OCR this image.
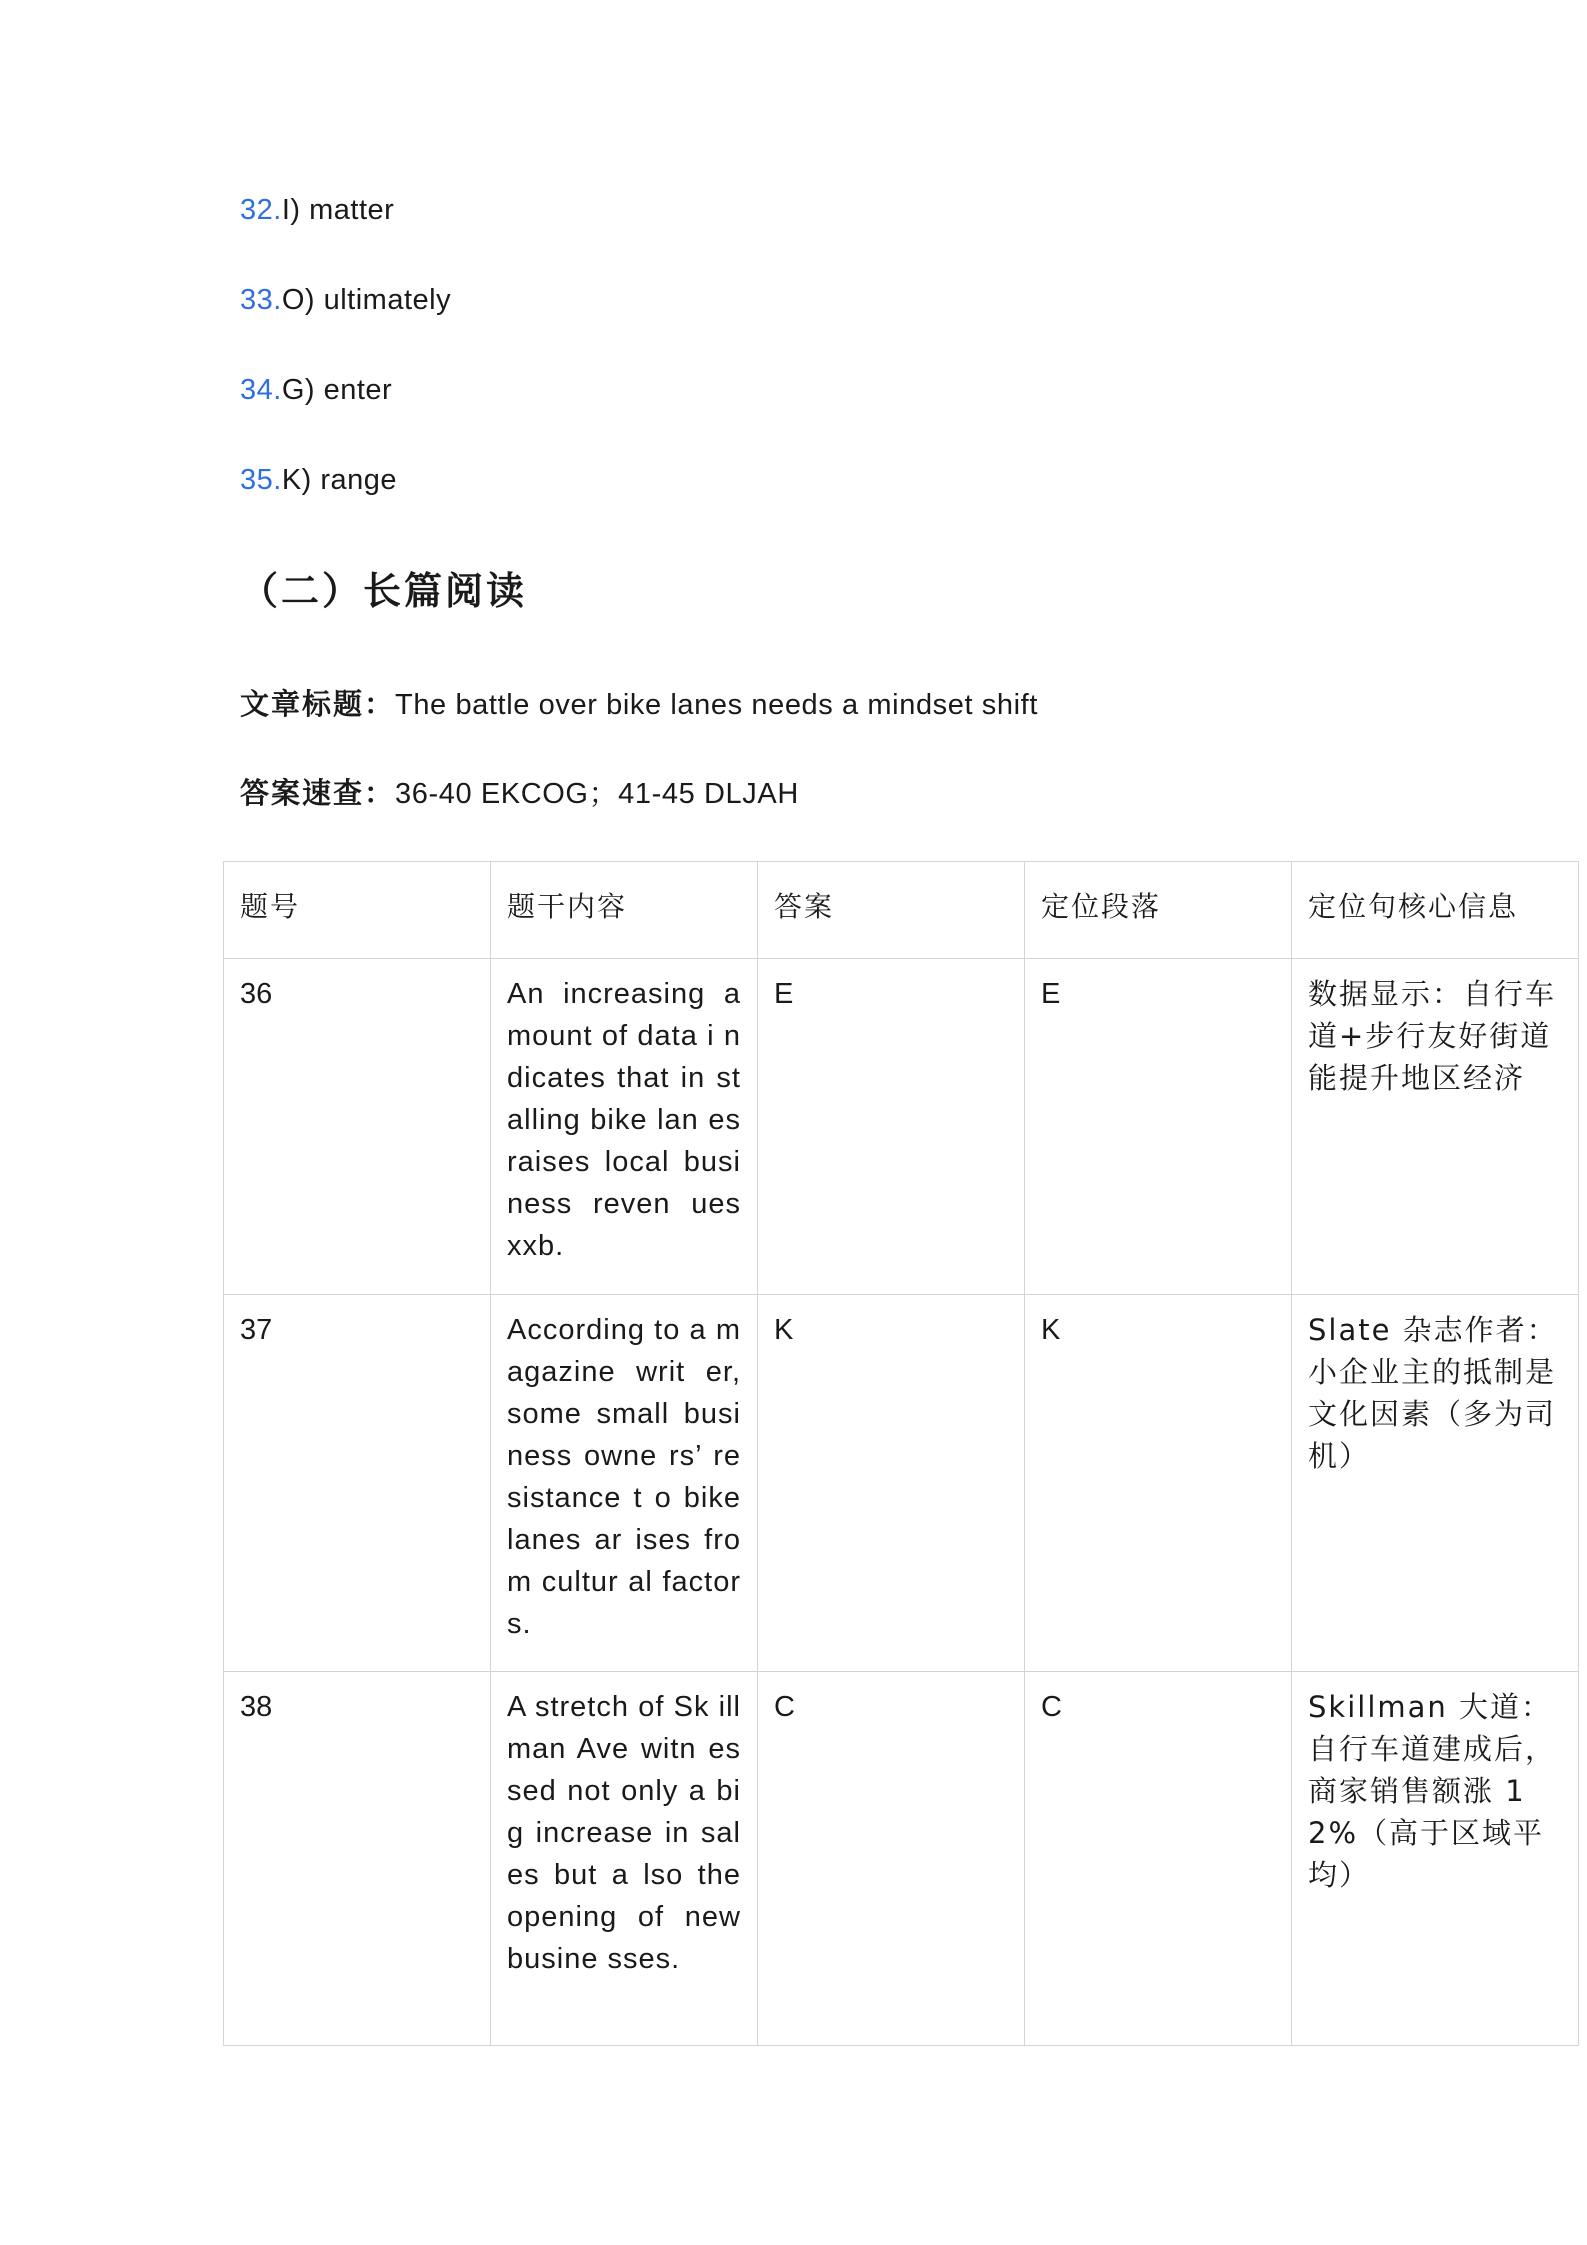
32.I) matter
33.O) ultimately
34.G) enter
35.K) range
（二）长篇阅读
文章标题：The battle over bike lanes needs a mindset shift
答案速查：36-40 EKCOG；41-45 DLJAH
题号	题干内容	答案	定位段落	定位句核心信息
36	An increasing a mount of data i ndicates that in stalling bike lan es raises local business reven ues xxb.	E	E	数据显示：自行车道+步行友好街道能提升地区经济
37	According to a magazine writ er, some small business owne rs’ resistance t o bike lanes ar ises from cultur al factors.	K	K	Slate 杂志作者：小企业主的抵制是文化因素（多为司机）
38	A stretch of Sk illman Ave witn essed not only a big increase in sales but a lso the opening of new busine sses.	C	C	Skillman 大道：自行车道建成后，商家销售额涨 12%（高于区域平均）
